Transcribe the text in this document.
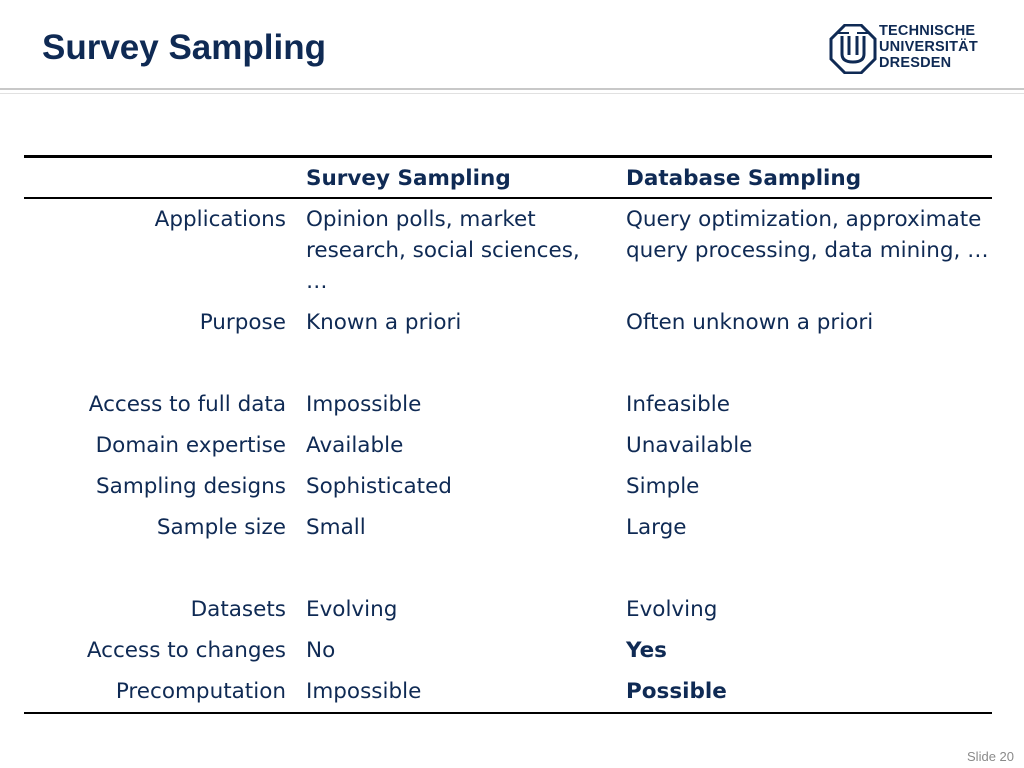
Survey Sampling	TECHNISCHE
UNIVERSITÄT
DRESDEN
	Survey Sampling	Database Sampling
Applications	Opinion polls, market research, social sciences, …	Query optimization, approximate query processing, data mining, …
Purpose	Known a priori	Often unknown a priori

Access to full data	Impossible	Infeasible
Domain expertise	Available	Unavailable
Sampling designs	Sophisticated	Simple
Sample size	Small	Large

Datasets	Evolving	Evolving
Access to changes	No	Yes
Precomputation	Impossible	Possible
Slide 20
